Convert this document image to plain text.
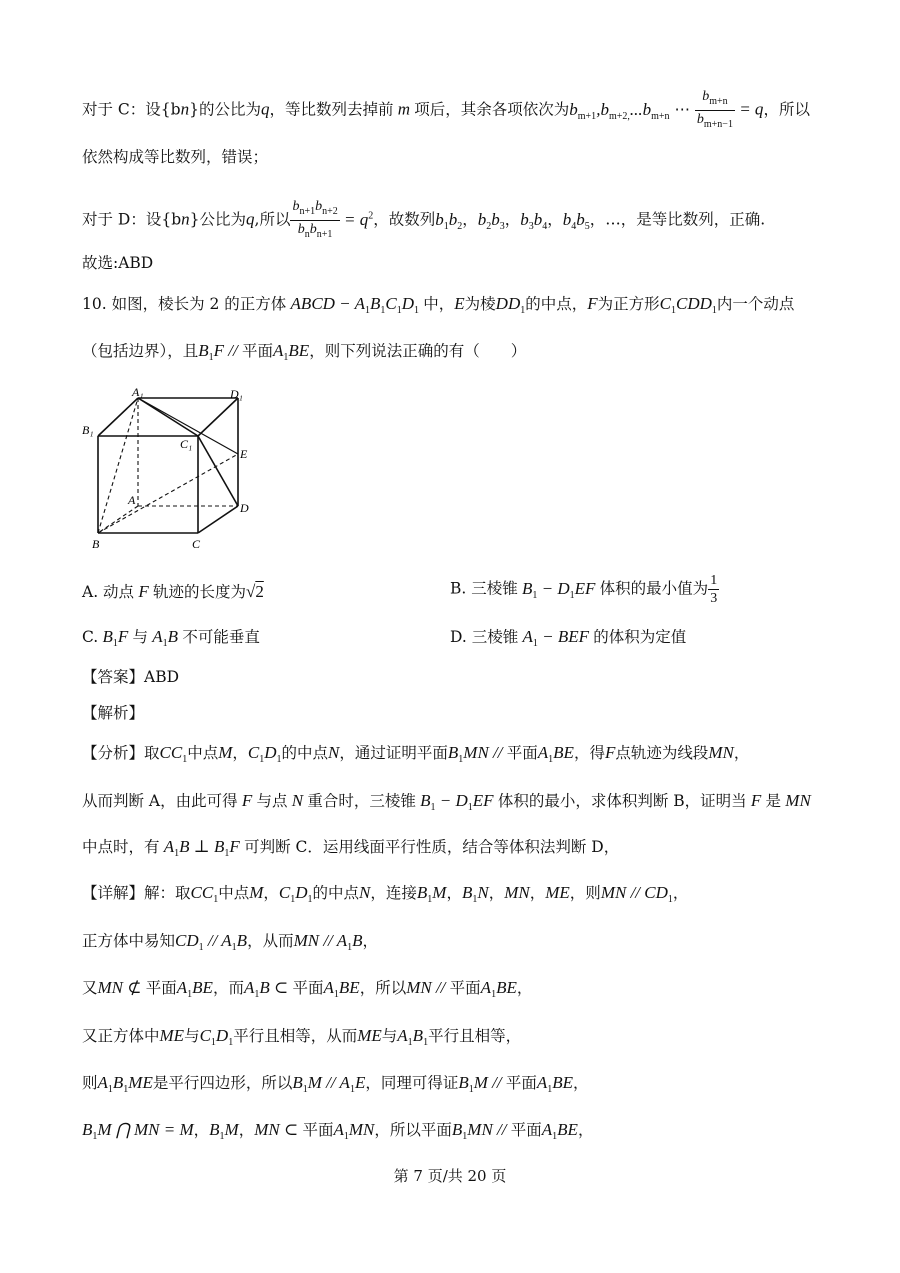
对于 C：设{bn}的公比为q，等比数列去掉前 m 项后，其余各项依次为$b_{m+1},b_{m+2,}...b_{m+n}$ ⋯ $\frac{b_{m+n}}{b_{m+n-1}} = q$，所以
依然构成等比数列，错误；
对于 D：设{bn}公比为q,所以 $\frac{b_{n+1}b_{n+2}}{b_nb_{n+1}} = q^2$，故数列$b_1b_2$，$b_2b_3$，$b_3b_4$，$b_4b_5$，…，是等比数列，正确.
故选:ABD
10. 如图，棱长为 2 的正方体 ABCD − $A_1B_1C_1D_1$ 中，E为棱$DD_1$的中点，F为正方形$C_1CDD_1$内一个动点
（包括边界），且$B_1F$ // 平面$A_1BE$，则下列说法正确的有（　　）
A₁	D₁
B₁
C₁
E
A
D
B	C
A. 动点 F 轨迹的长度为√2	B. 三棱锥 $B_1 - D_1EF$ 体积的最小值为 $\frac{1}{3}$
C. $B_1F$ 与 $A_1B$ 不可能垂直	D. 三棱锥 $A_1$ − BEF 的体积为定值
【答案】ABD
【解析】
【分析】取$CC_1$中点M，$C_1D_1$的中点N，通过证明平面$B_1MN$ // 平面$A_1BE$，得F点轨迹为线段MN，
从而判断 A，由此可得 F 与点 N 重合时，三棱锥 $B_1 - D_1EF$ 体积的最小，求体积判断 B，证明当 F 是 MN
中点时，有 $A_1B$ ⊥ $B_1F$ 可判断 C．运用线面平行性质，结合等体积法判断 D，
【详解】解：取$CC_1$中点M，$C_1D_1$的中点N，连接$B_1M$，$B_1N$，MN，ME，则MN // $CD_1$，
正方体中易知$CD_1 // A_1B$，从而MN // $A_1B$，
又MN ⊄ 平面$A_1BE$，而$A_1B$ ⊂ 平面$A_1BE$，所以MN // 平面$A_1BE$，
又正方体中ME与$C_1D_1$平行且相等，从而ME与$A_1B_1$平行且相等，
则$A_1B_1ME$是平行四边形，所以$B_1M // A_1E$，同理可得证$B_1M$ // 平面$A_1BE$，
$B_1M$ ⋂ MN = M，$B_1M$，MN ⊂ 平面$A_1MN$，所以平面$B_1MN$ // 平面$A_1BE$，
第 7 页/共 20 页
